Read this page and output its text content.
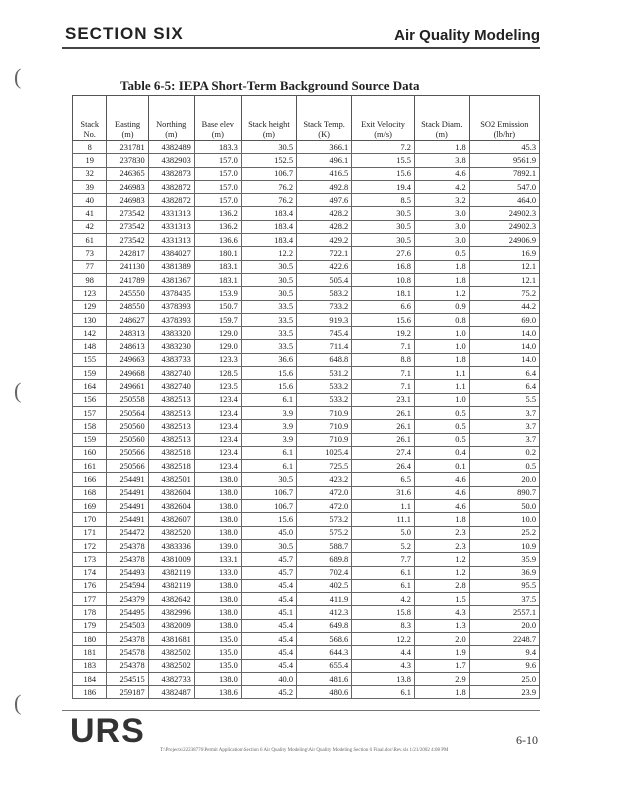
SECTION SIX	Air Quality Modeling
(
(
(
Table 6-5: IEPA Short-Term Background Source Data
Stack No.	Easting (m)	Northing (m)	Base elev (m)	Stack height (m)	Stack Temp. (K)	Exit Velocity (m/s)	Stack Diam. (m)	SO2 Emission (lb/hr)
8	231781	4382489	183.3	30.5	366.1	7.2	1.8	45.3
19	237830	4382903	157.0	152.5	496.1	15.5	3.8	9561.9
32	246365	4382873	157.0	106.7	416.5	15.6	4.6	7892.1
39	246983	4382872	157.0	76.2	492.8	19.4	4.2	547.0
40	246983	4382872	157.0	76.2	497.6	8.5	3.2	464.0
41	273542	4331313	136.2	183.4	428.2	30.5	3.0	24902.3
42	273542	4331313	136.2	183.4	428.2	30.5	3.0	24902.3
61	273542	4331313	136.6	183.4	429.2	30.5	3.0	24906.9
73	242817	4384027	180.1	12.2	722.1	27.6	0.5	16.9
77	241130	4381389	183.1	30.5	422.6	16.8	1.8	12.1
98	241789	4381367	183.1	30.5	505.4	10.8	1.8	12.1
123	245550	4378435	153.9	30.5	583.2	18.1	1.2	75.2
129	248550	4378393	150.7	33.5	733.2	6.6	0.9	44.2
130	248627	4378393	159.7	33.5	919.3	15.6	0.8	69.0
142	248313	4383320	129.0	33.5	745.4	19.2	1.0	14.0
148	248613	4383230	129.0	33.5	711.4	7.1	1.0	14.0
155	249663	4383733	123.3	36.6	648.8	8.8	1.8	14.0
159	249668	4382740	128.5	15.6	531.2	7.1	1.1	6.4
164	249661	4382740	123.5	15.6	533.2	7.1	1.1	6.4
156	250558	4382513	123.4	6.1	533.2	23.1	1.0	5.5
157	250564	4382513	123.4	3.9	710.9	26.1	0.5	3.7
158	250560	4382513	123.4	3.9	710.9	26.1	0.5	3.7
159	250560	4382513	123.4	3.9	710.9	26.1	0.5	3.7
160	250566	4382518	123.4	6.1	1025.4	27.4	0.4	0.2
161	250566	4382518	123.4	6.1	725.5	26.4	0.1	0.5
166	254491	4382501	138.0	30.5	423.2	6.5	4.6	20.0
168	254491	4382604	138.0	106.7	472.0	31.6	4.6	890.7
169	254491	4382604	138.0	106.7	472.0	1.1	4.6	50.0
170	254491	4382607	138.0	15.6	573.2	11.1	1.8	10.0
171	254472	4382520	138.0	45.0	575.2	5.0	2.3	25.2
172	254378	4383336	139.0	30.5	588.7	5.2	2.3	10.9
173	254378	4381009	133.1	45.7	689.8	7.7	1.2	35.9
174	254493	4382119	133.0	45.7	702.4	6.1	1.2	36.9
176	254594	4382119	138.0	45.4	402.5	6.1	2.8	95.5
177	254379	4382642	138.0	45.4	411.9	4.2	1.5	37.5
178	254495	4382996	138.0	45.1	412.3	15.8	4.3	2557.1
179	254503	4382009	138.0	45.4	649.8	8.3	1.3	20.0
180	254378	4381681	135.0	45.4	568.6	12.2	2.0	2248.7
181	254578	4382502	135.0	45.4	644.3	4.4	1.9	9.4
183	254378	4382502	135.0	45.4	655.4	4.3	1.7	9.6
184	254515	4382733	138.0	40.0	481.6	13.8	2.9	25.0
186	259187	4382487	138.6	45.2	480.6	6.1	1.8	23.9
URS	6-10
T:\Projects\22238776\Permit Application\Section 6 Air Quality Modeling\Air Quality Modeling Section 6 Final.doc\Rev.xls 1/21/2002 4:08 PM
